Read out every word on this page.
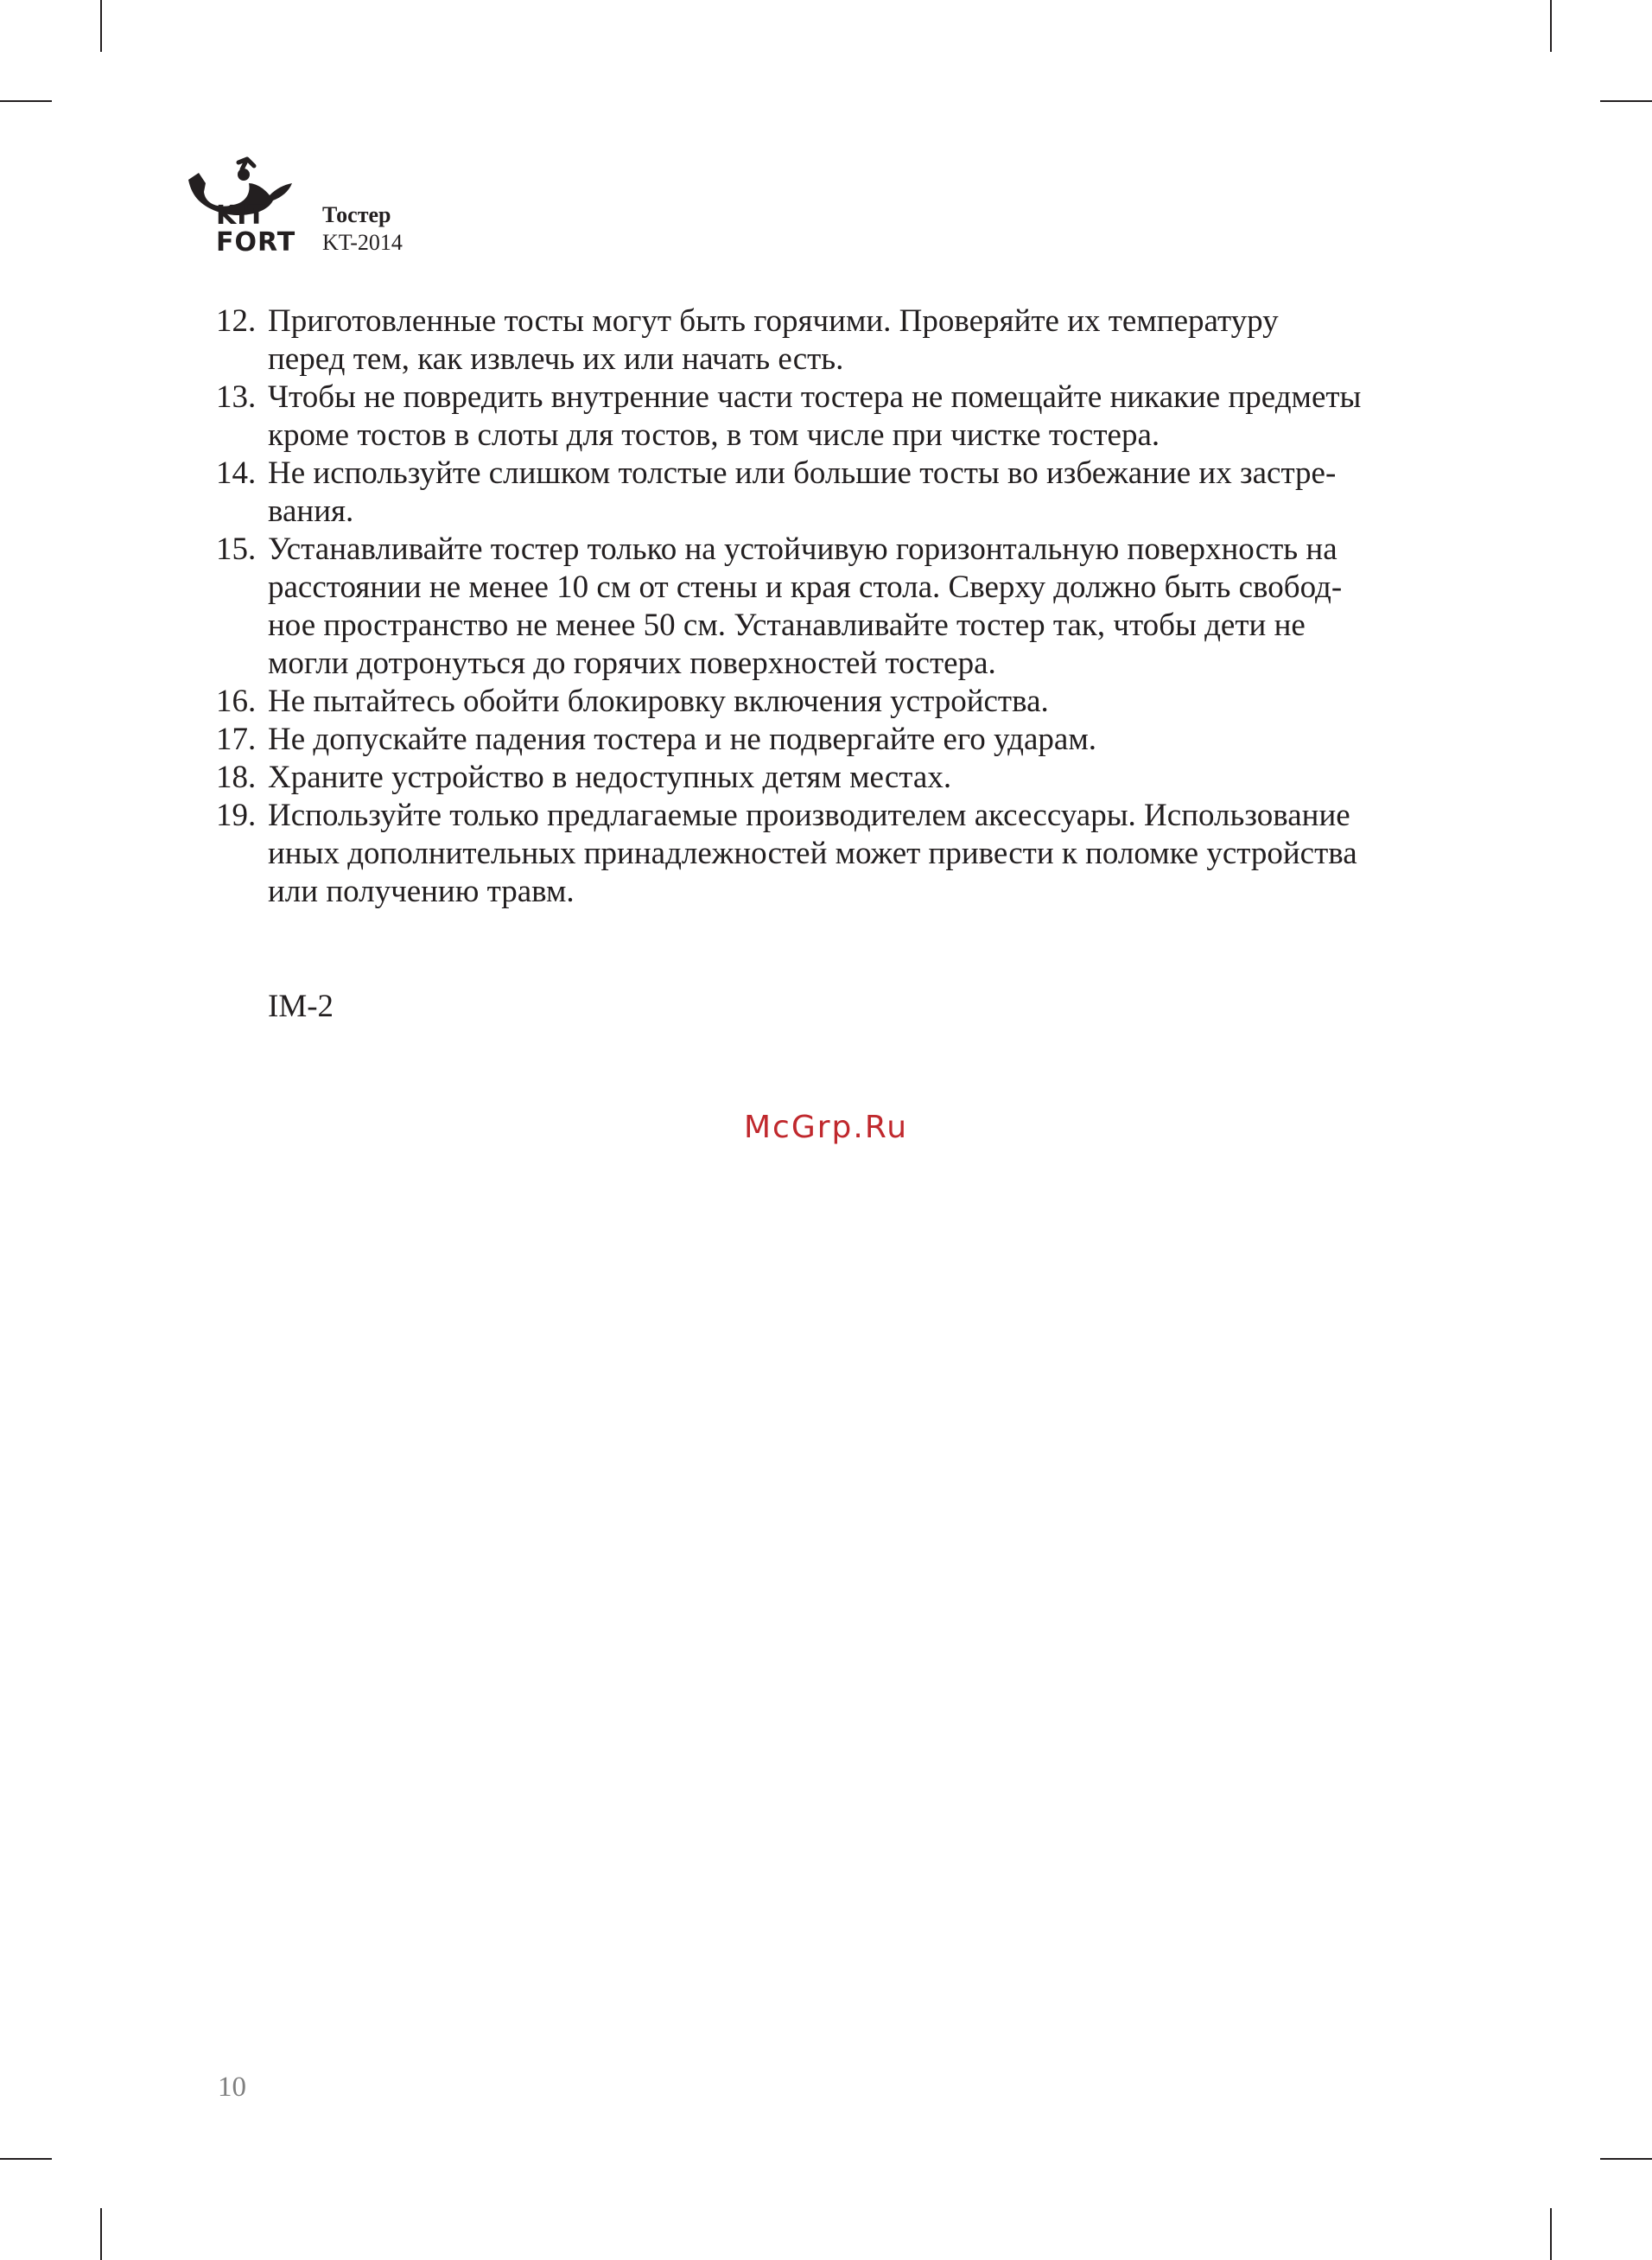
KIT
FORT
Тостер
KT-2014
12. Приготовленные тосты могут быть горячими. Проверяйте их температуру
перед тем, как извлечь их или начать есть.
13. Чтобы не повредить внутренние части тостера не помещайте никакие предметы
кроме тостов в слоты для тостов, в том числе при чистке тостера.
14. Не используйте слишком толстые или большие тосты во избежание их застре-
вания.
15. Устанавливайте тостер только на устойчивую горизонтальную поверхность на
расстоянии не менее 10 см от стены и края стола. Сверху должно быть свобод-
ное пространство не менее 50 см. Устанавливайте тостер так, чтобы дети не
могли дотронуться до горячих поверхностей тостера.
16. Не пытайтесь обойти блокировку включения устройства.
17. Не допускайте падения тостера и не подвергайте его ударам.
18. Храните устройство в недоступных детям местах.
19. Используйте только предлагаемые производителем аксессуары. Использование
иных дополнительных принадлежностей может привести к поломке устройства
или получению травм.
IM-2
McGrp.Ru
10
